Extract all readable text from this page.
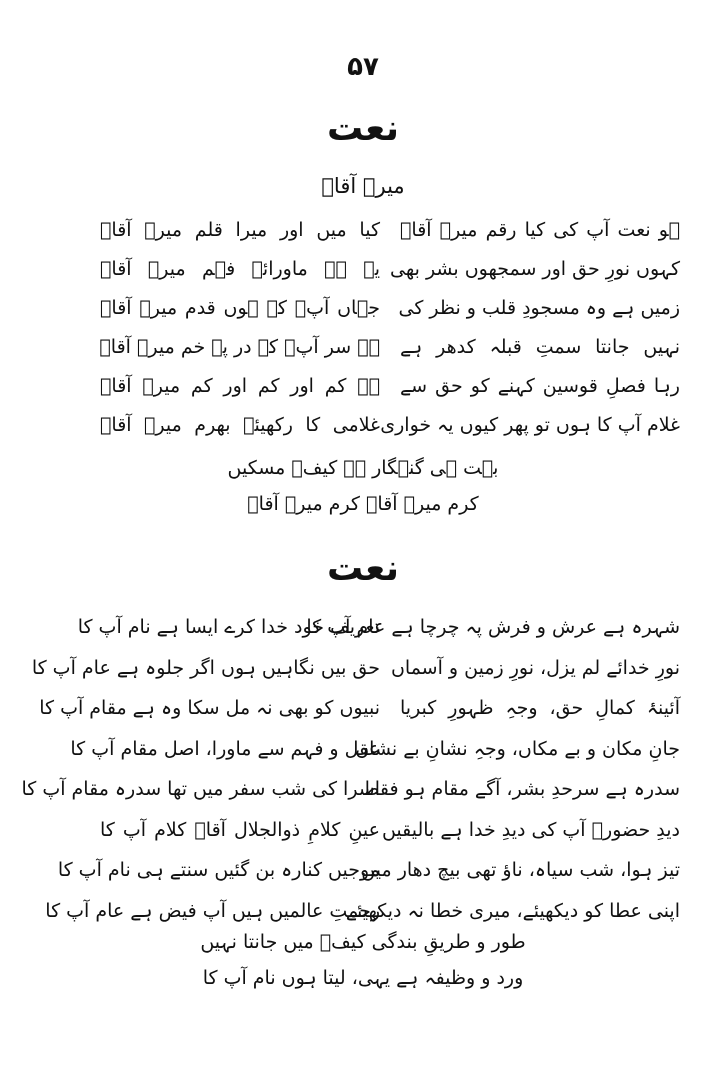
۵۷
نعت
میرے آقاؐ
ہو نعت آپ کی کیا رقم میرے آقاؐ
کیا میں اور میرا قلم میرے آقاؐ
کہوں نورِ حق اور سمجھوں بشر بھی
یہ ہے ماورائے فہم میرے آقاؐ
زمیں ہے وہ مسجودِ قلب و نظر کی
جہاں آپؐ کے ہوں قدم میرے آقاؐ
نہیں جانتا سمتِ قبلہ کدھر ہے
ہے سر آپؐ کے در پہ خم میرے آقاؐ
رہا فصلِ قوسین کہنے کو حق سے
ہے کم اور کم اور کم میرے آقاؐ
غلام آپ کا ہوں تو پھر کیوں یہ خواری
غلامی کا رکھیئے بھرم میرے آقاؐ
بہت ہی گنہگار ہے کیفؔ مسکیں
کرم میرے آقاؐ کرم میرے آقاؐ
نعت
شہرہ ہے عرش و فرش پہ چرچا ہے عام آپ کا
تعریف خود خدا کرے ایسا ہے نام آپ کا
نورِ خدائے لم یزل، نورِ زمین و آسماں
حق بیں نگاہیں ہوں اگر جلوہ ہے عام آپ کا
آئینۂ کمالِ حق، وجہِ ظہورِ کبریا
نبیوں کو بھی نہ مل سکا وہ ہے مقام آپ کا
جانِ مکان و بے مکاں، وجہِ نشانِ بے نشاں
عقل و فہم سے ماورا، اصل مقام آپ کا
سدرہ ہے سرحدِ بشر، آگے مقام ہو فقط
اسرا کی شب سفر میں تھا سدرہ مقام آپ کا
دیدِ حضورؐ آپ کی دیدِ خدا ہے بالیقیں
عینِ کلامِ ذوالجلال آقاؐ کلام آپ کا
تیز ہوا، شب سیاہ، ناؤ تھی بیچ دھار میں
موجیں کنارہ بن گئیں سنتے ہی نام آپ کا
اپنی عطا کو دیکھیئے، میری خطا نہ دیکھیئے
رحمتِ عالمیں ہیں آپ فیض ہے عام آپ کا
طور و طریقِ بندگی کیفؔ میں جانتا نہیں
ورد و وظیفہ ہے یہی، لیتا ہوں نام آپ کا
